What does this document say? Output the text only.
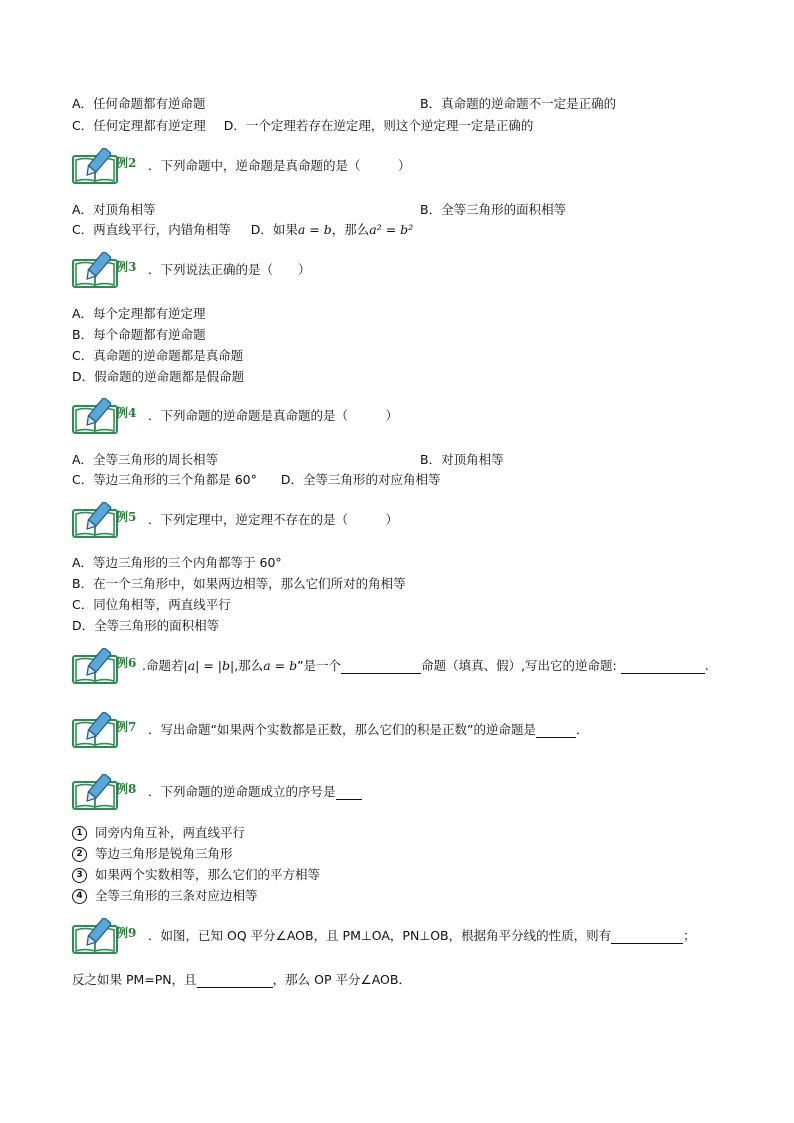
A．任何命题都有逆命题	B．真命题的逆命题不一定是正确的
C．任何定理都有逆定理 D．一个定理若存在逆定理，则这个逆定理一定是正确的
例2 ．下列命题中，逆命题是真命题的是（　　　）
A．对顶角相等	B．全等三角形的面积相等
C．两直线平行，内错角相等 D．如果a = b，那么a² = b²
例3 ．下列说法正确的是（　　）
A．每个定理都有逆定理
B．每个命题都有逆命题
C．真命题的逆命题都是真命题
D．假命题的逆命题都是假命题
例4 ．下列命题的逆命题是真命题的是（　　　）
A．全等三角形的周长相等	B．对顶角相等
C．等边三角形的三个角都是 60° D．全等三角形的对应角相等
例5 ．下列定理中，逆定理不存在的是（　　　）
A．等边三角形的三个内角都等于 60°
B．在一个三角形中，如果两边相等，那么它们所对的角相等
C．同位角相等，两直线平行
D．全等三角形的面积相等
例6 .命题若|a| = |b|,那么a = b”是一个	命题（填真、假）,写出它的逆命题:	.
例7 ．写出命题“如果两个实数都是正数，那么它们的积是正数”的逆命题是	．
例8 ．下列命题的逆命题成立的序号是
1 同旁内角互补，两直线平行
2 等边三角形是锐角三角形
3 如果两个实数相等，那么它们的平方相等
4 全等三角形的三条对应边相等
例9 ．如图，已知 OQ 平分∠AOB，且 PM⊥OA，PN⊥OB，根据角平分线的性质，则有	；
反之如果 PM=PN，且	，那么 OP 平分∠AOB．
